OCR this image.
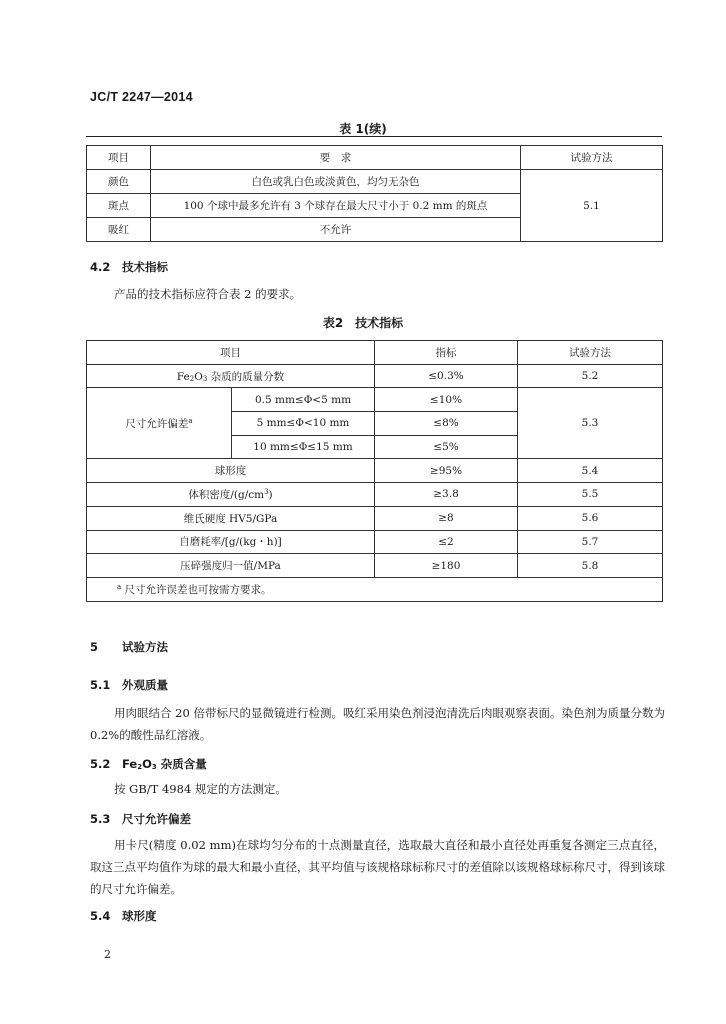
JC/T 2247—2014
表 1(续)
项目	要　求	试验方法
颜色	白色或乳白色或淡黄色，均匀无杂色	5.1
斑点	100 个球中最多允许有 3 个球存在最大尺寸小于 0.2 mm 的斑点	
吸红	不允许	
4.2 技术指标
产品的技术指标应符合表 2 的要求。
表2　技术指标
项目		指标	试验方法
$Fe_2O_3$ 杂质的质量分数		≤0.3%	5.2
尺寸允许偏差$^a$	0.5 mm≤Φ<5 mm	≤10%	5.3
	5 mm≤Φ<10 mm	≤8%	
	10 mm≤Φ≤15 mm	≤5%	
球形度		≥95%	5.4
体积密度$/(g/cm^3)$		≥3.8	5.5
维氏硬度 HV5/GPa		≥8	5.6
自磨耗率/[g/(kg・h)]		≤2	5.7
压碎强度归一值/MPa		≥180	5.8
$^a$ 尺寸允许误差也可按需方要求。			
5 试验方法
5.1 外观质量
用肉眼结合 20 倍带标尺的显微镜进行检测。吸红采用染色剂浸泡清洗后肉眼观察表面。染色剂为质量分数为 0.2%的酸性品红溶液。
5.2 $Fe_2O_3$ 杂质含量
按 GB/T 4984 规定的方法测定。
5.3 尺寸允许偏差
用卡尺(精度 0.02 mm)在球均匀分布的十点测量直径，选取最大直径和最小直径处再重复各测定三点直径，取这三点平均值作为球的最大和最小直径，其平均值与该规格球标称尺寸的差值除以该规格球标称尺寸，得到该球的尺寸允许偏差。
5.4 球形度
2
